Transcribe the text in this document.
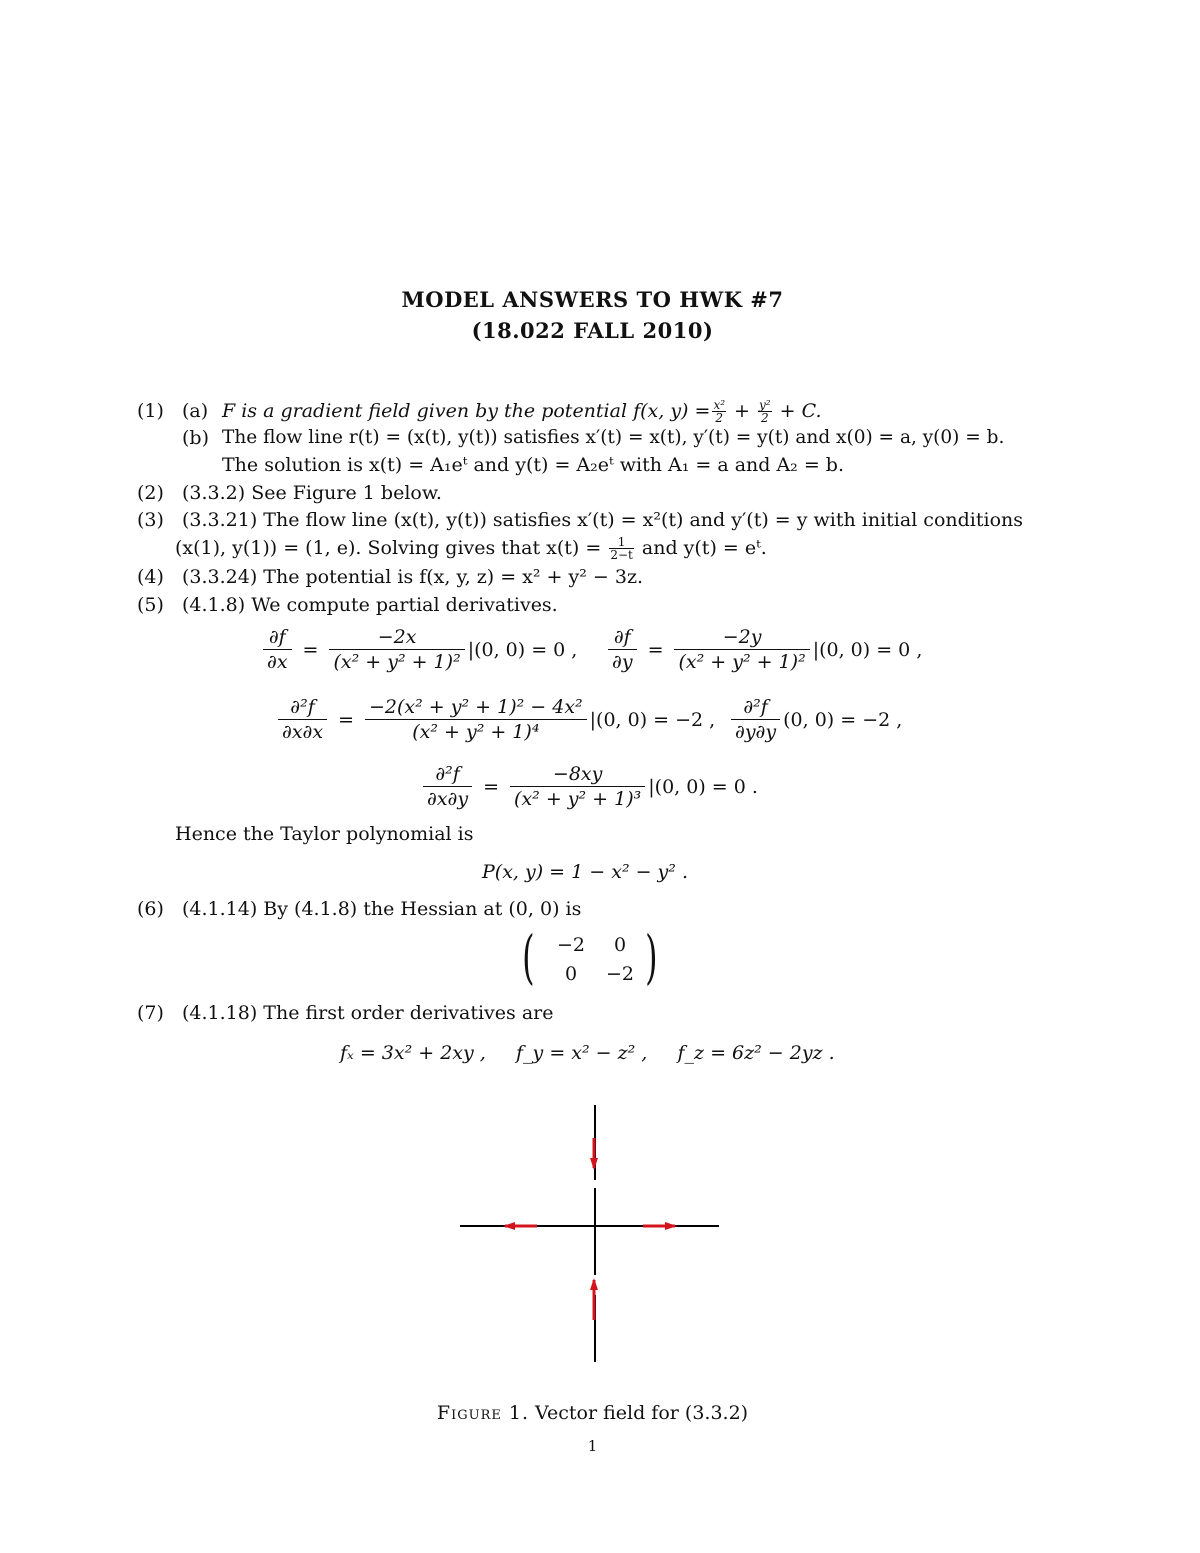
MODEL ANSWERS TO HWK #7
(18.022 FALL 2010)
(1) (a) F is a gradient field given by the potential f(x, $y) = \frac{\text{x²}}{2} + \frac{\text{y²}}{2} + C$.
(b) The flow line r(t) = (x(t), y(t)) satisfies x′(t) = x(t), y′(t) = y(t) and x(0) = a, y(0) = b.
The solution is x(t) = A₁eᵗ and y(t) = A₂eᵗ with A₁ = a and A₂ = b.
(2) (3.3.2) See Figure 1 below.
(3) (3.3.21) The flow line (x(t), y(t)) satisfies x′(t) = x²(t) and y′(t) = y with initial conditions
(x(1), y(1)) = (1, e). Solving gives that $x(t) = \frac{1}{2-t}$ and y(t) = eᵗ.
(4) (3.3.24) The potential is f(x, y, z) = x² + y² − 3z.
(5) (4.1.8) We compute partial derivatives.
$\frac{\partial f}{\partial x} = \frac{-2x}{\text{(x² + y² + 1)²}} |(0$, 0) = 0 , $\frac{\partial f}{\partial y} = \frac{-2y}{\text{(x² + y² + 1)²}} |(0$, 0) = 0 ,
$\frac{\text{∂²f}}{\partial x\partial x} = \frac{\text{−2(x² + y² + 1)² − 4x²}}{\text{(x² + y² + 1)⁴}} |(0$, 0) = −2 , $\frac{\text{∂²f}}{\partial y\partial y} (0$, 0) = −2 ,
$\frac{\text{∂²f}}{\partial x\partial y} = \frac{-8xy}{\text{(x² + y² + 1)³}} |(0$, 0) = 0 .
Hence the Taylor polynomial is
P(x, y) = 1 − x² − y² .
(6) (4.1.14) By (4.1.8) the Hessian at (0, 0) is
( )
−2	0
0	−2
(7) (4.1.18) The first order derivatives are
fₓ = 3x² + 2xy ,     f_y = x² − z² ,     f_z = 6z² − 2yz .
Figure 1. Vector field for (3.3.2)
1
